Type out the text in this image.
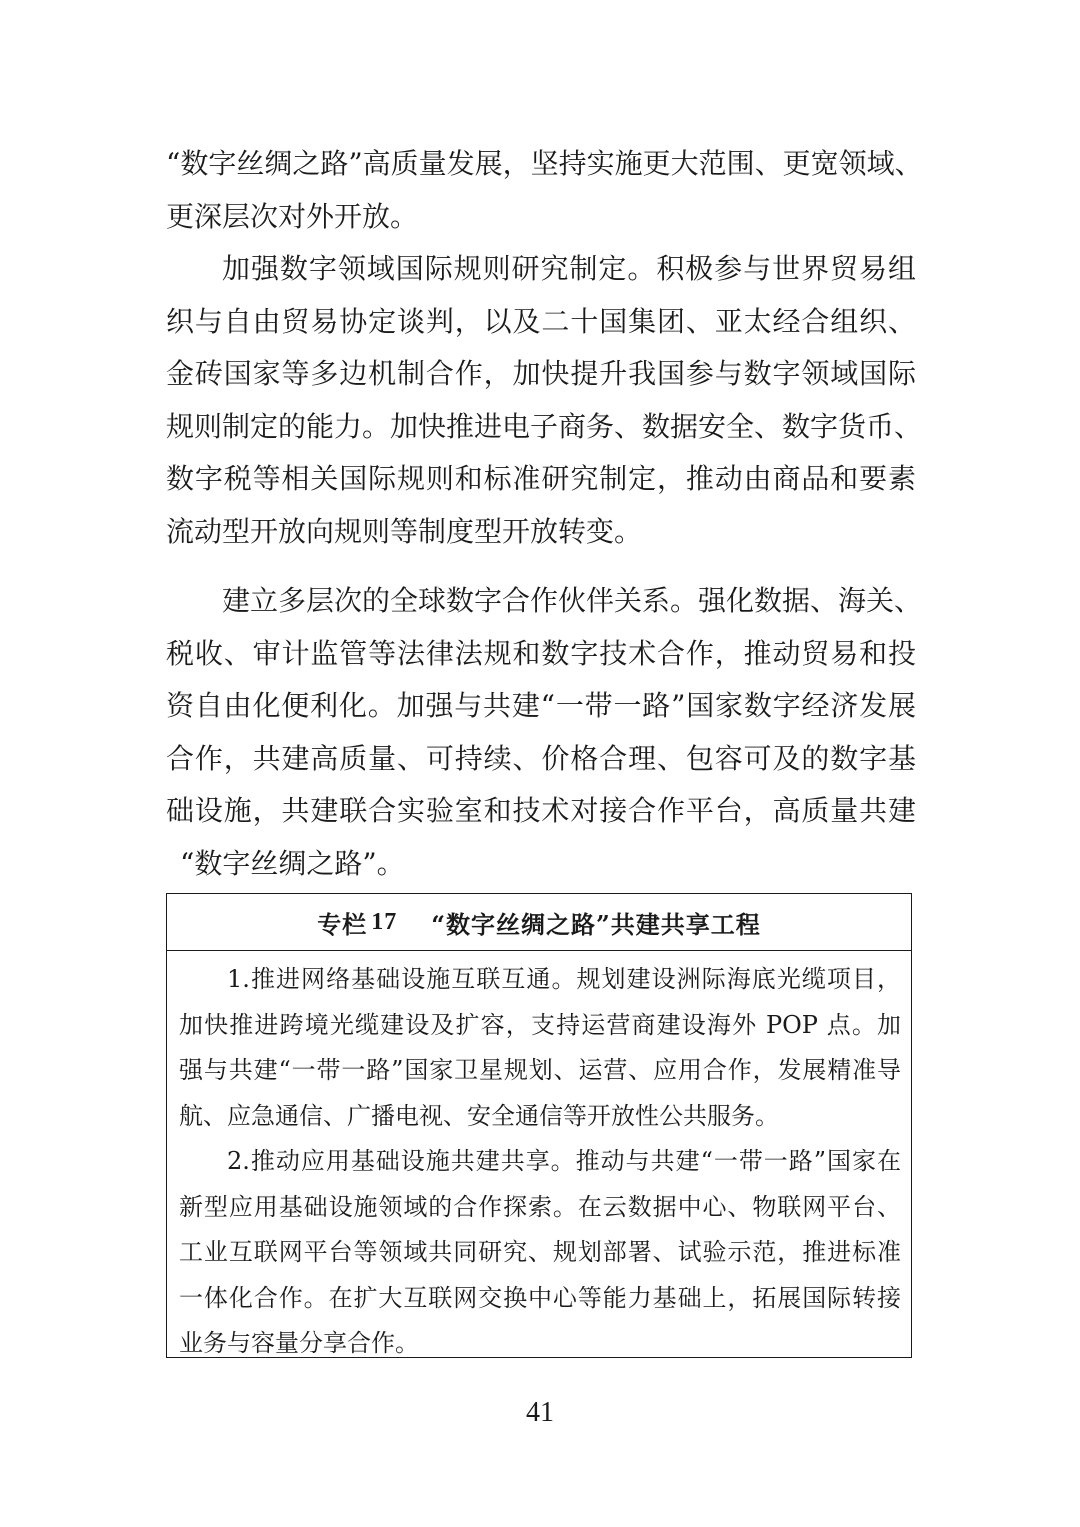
“数字丝绸之路”高质量发展，坚持实施更大范围、更宽领域、
更深层次对外开放。
加强数字领域国际规则研究制定。积极参与世界贸易组
织与自由贸易协定谈判，以及二十国集团、亚太经合组织、
金砖国家等多边机制合作，加快提升我国参与数字领域国际
规则制定的能力。加快推进电子商务、数据安全、数字货币、
数字税等相关国际规则和标准研究制定，推动由商品和要素
流动型开放向规则等制度型开放转变。
建立多层次的全球数字合作伙伴关系。强化数据、海关、
税收、审计监管等法律法规和数字技术合作，推动贸易和投
资自由化便利化。加强与共建“一带一路”国家数字经济发展
合作，共建高质量、可持续、价格合理、包容可及的数字基
础设施，共建联合实验室和技术对接合作平台，高质量共建
“数字丝绸之路”。
专栏 17 “数字丝绸之路”共建共享工程
1.推进网络基础设施互联互通。规划建设洲际海底光缆项目，
加快推进跨境光缆建设及扩容，支持运营商建设海外 POP 点。加
强与共建“一带一路”国家卫星规划、运营、应用合作，发展精准导
航、应急通信、广播电视、安全通信等开放性公共服务。
2.推动应用基础设施共建共享。推动与共建“一带一路”国家在
新型应用基础设施领域的合作探索。在云数据中心、物联网平台、
工业互联网平台等领域共同研究、规划部署、试验示范，推进标准
一体化合作。在扩大互联网交换中心等能力基础上，拓展国际转接
业务与容量分享合作。
41
